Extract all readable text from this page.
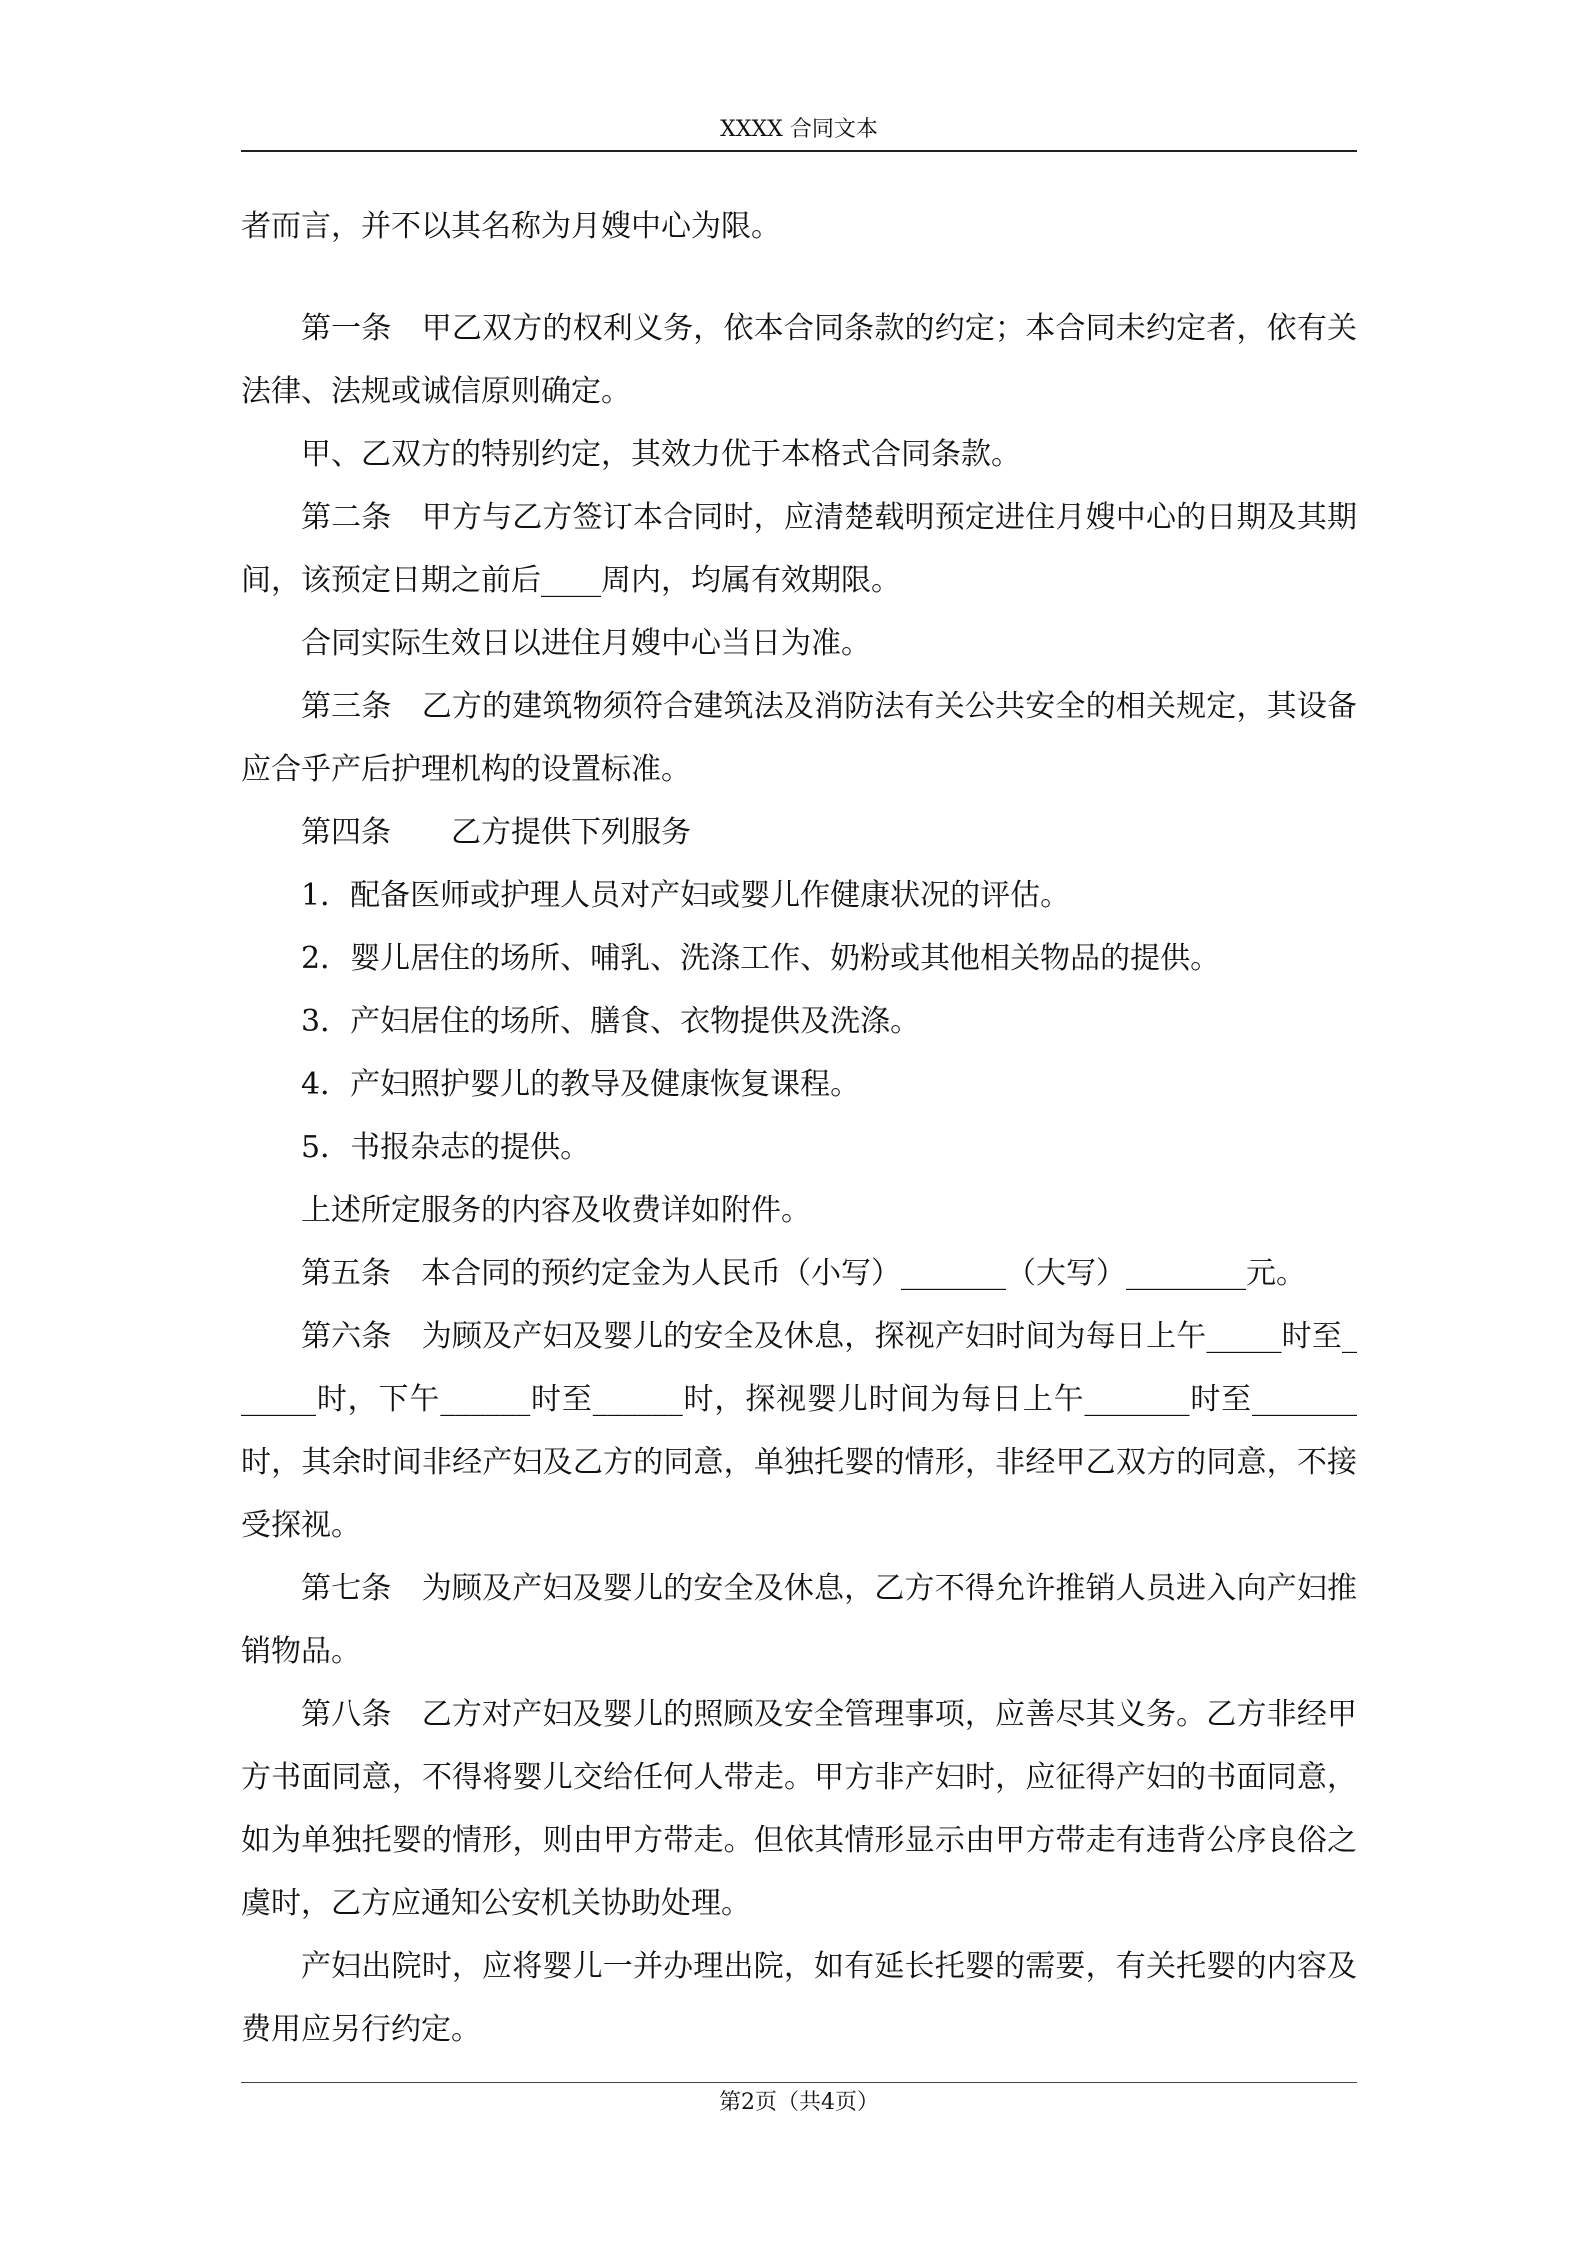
XXXX 合同文本

者而言，并不以其名称为月嫂中心为限。

第一条　甲乙双方的权利义务，依本合同条款的约定；本合同未约定者，依有关法律、法规或诚信原则确定。

甲、乙双方的特别约定，其效力优于本格式合同条款。

第二条　甲方与乙方签订本合同时，应清楚载明预定进住月嫂中心的日期及其期间，该预定日期之前后____周内，均属有效期限。

合同实际生效日以进住月嫂中心当日为准。

第三条　乙方的建筑物须符合建筑法及消防法有关公共安全的相关规定，其设备应合乎产后护理机构的设置标准。

第四条　　乙方提供下列服务

1．配备医师或护理人员对产妇或婴儿作健康状况的评估。

2．婴儿居住的场所、哺乳、洗涤工作、奶粉或其他相关物品的提供。

3．产妇居住的场所、膳食、衣物提供及洗涤。

4．产妇照护婴儿的教导及健康恢复课程。

5．书报杂志的提供。

上述所定服务的内容及收费详如附件。

第五条　本合同的预约定金为人民币（小写）_______（大写）________元。

第六条　为顾及产妇及婴儿的安全及休息，探视产妇时间为每日上午_____时至______时，下午______时至______时，探视婴儿时间为每日上午_______时至_______时，其余时间非经产妇及乙方的同意，单独托婴的情形，非经甲乙双方的同意，不接受探视。

第七条　为顾及产妇及婴儿的安全及休息，乙方不得允许推销人员进入向产妇推销物品。

第八条　乙方对产妇及婴儿的照顾及安全管理事项，应善尽其义务。乙方非经甲方书面同意，不得将婴儿交给任何人带走。甲方非产妇时，应征得产妇的书面同意，如为单独托婴的情形，则由甲方带走。但依其情形显示由甲方带走有违背公序良俗之虞时，乙方应通知公安机关协助处理。

产妇出院时，应将婴儿一并办理出院，如有延长托婴的需要，有关托婴的内容及费用应另行约定。

第2页（共4页）
